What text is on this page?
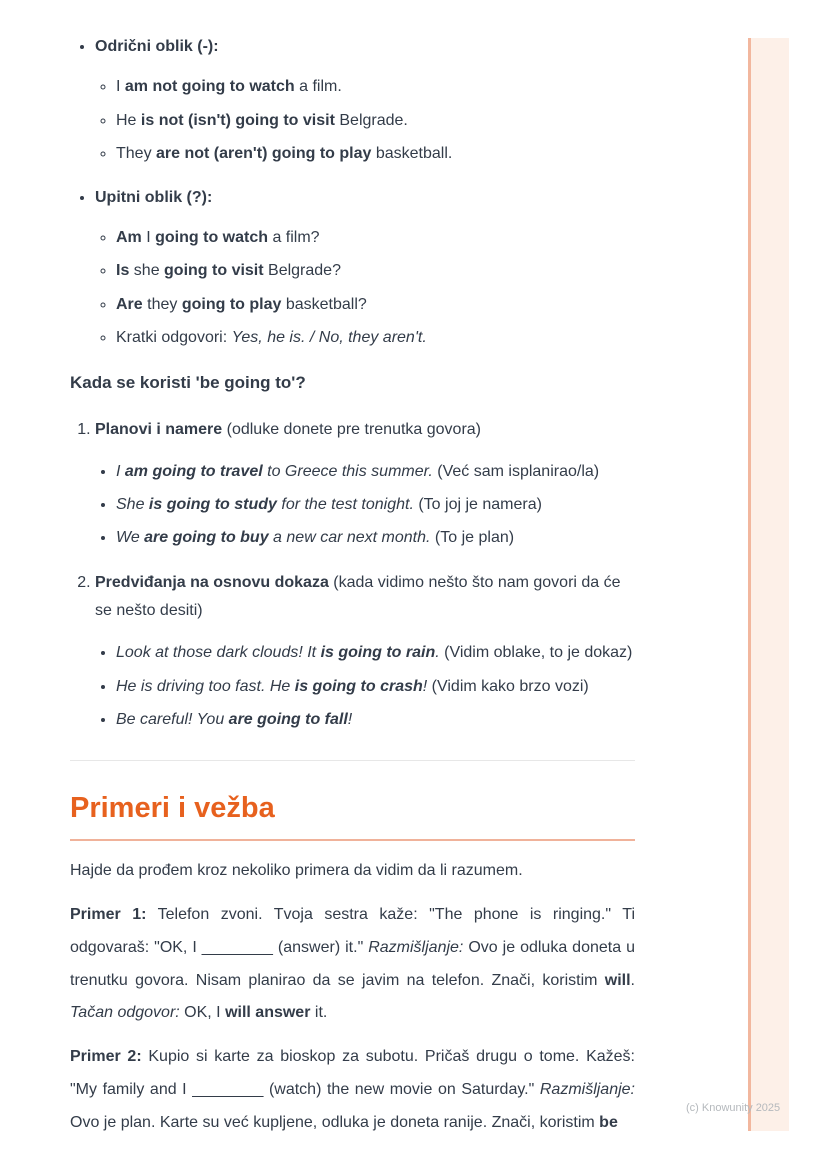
• Odrični oblik (-):
◦ I am not going to watch a film.
◦ He is not (isn't) going to visit Belgrade.
◦ They are not (aren't) going to play basketball.
• Upitni oblik (?):
◦ Am I going to watch a film?
◦ Is she going to visit Belgrade?
◦ Are they going to play basketball?
◦ Kratki odgovori: Yes, he is. / No, they aren't.

Kada se koristi 'be going to'?

1. Planovi i namere (odluke donete pre trenutka govora)
• I am going to travel to Greece this summer. (Već sam isplanirao/la)
• She is going to study for the test tonight. (To joj je namera)
• We are going to buy a new car next month. (To je plan)
2. Predviđanja na osnovu dokaza (kada vidimo nešto što nam govori da će se nešto desiti)
• Look at those dark clouds! It is going to rain. (Vidim oblake, to je dokaz)
• He is driving too fast. He is going to crash! (Vidim kako brzo vozi)
• Be careful! You are going to fall!
Primeri i vežba

Hajde da prođem kroz nekoliko primera da vidim da li razumem.

Primer 1: Telefon zvoni. Tvoja sestra kaže: "The phone is ringing." Ti odgovaraš: "OK, I ________ (answer) it." Razmišljanje: Ovo je odluka doneta u trenutku govora. Nisam planirao da se javim na telefon. Znači, koristim will. Tačan odgovor: OK, I will answer it.

Primer 2: Kupio si karte za bioskop za subotu. Pričaš drugu o tome. Kažeš: "My family and I ________ (watch) the new movie on Saturday." Razmišljanje: Ovo je plan. Karte su već kupljene, odluka je doneta ranije. Znači, koristim be

(c) Knowunity 2025
